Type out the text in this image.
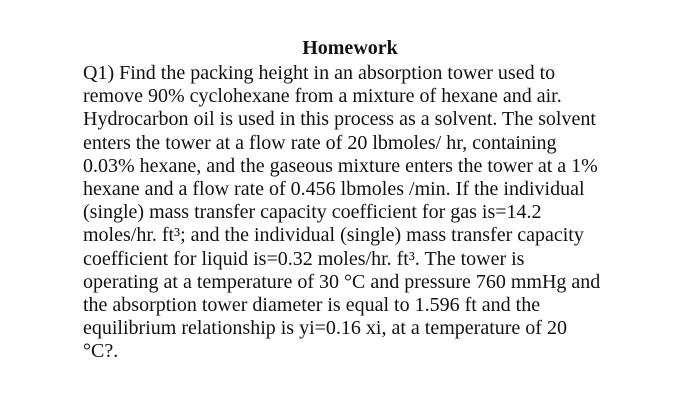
Homework

Q1) Find the packing height in an absorption tower used to
remove 90% cyclohexane from a mixture of hexane and air.
Hydrocarbon oil is used in this process as a solvent. The solvent
enters the tower at a flow rate of 20 lbmoles/ hr, containing
0.03% hexane, and the gaseous mixture enters the tower at a 1%
hexane and a flow rate of 0.456 lbmoles /min. If the individual
(single) mass transfer capacity coefficient for gas is=14.2
moles/hr. ft³; and the individual (single) mass transfer capacity
coefficient for liquid is=0.32 moles/hr. ft³. The tower is
operating at a temperature of 30 °C and pressure 760 mmHg and
the absorption tower diameter is equal to 1.596 ft and the
equilibrium relationship is yi=0.16 xi, at a temperature of 20
°C?.
